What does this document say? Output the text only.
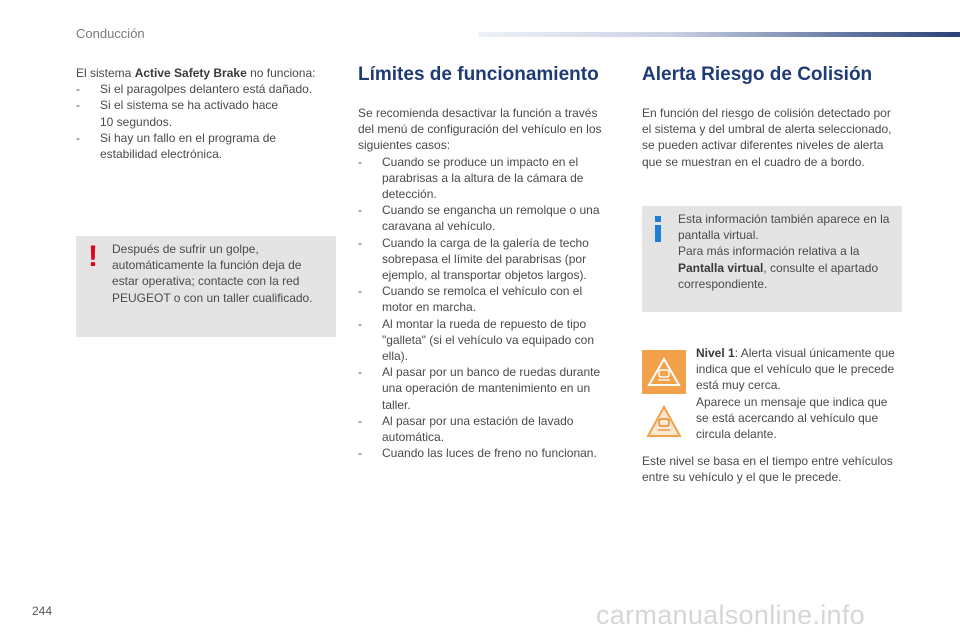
Conducción
El sistema Active Safety Brake no funciona:
-	Si el paragolpes delantero está dañado.
-	Si el sistema se ha activado hace
10 segundos.
-	Si hay un fallo en el programa de
estabilidad electrónica.
! Después de sufrir un golpe,
automáticamente la función deja de
estar operativa; contacte con la red
PEUGEOT o con un taller cualificado.
Límites de funcionamiento
Se recomienda desactivar la función a través
del menú de configuración del vehículo en los
siguientes casos:
-	Cuando se produce un impacto en el
parabrisas a la altura de la cámara de
detección.
-	Cuando se engancha un remolque o una
caravana al vehículo.
-	Cuando la carga de la galería de techo
sobrepasa el límite del parabrisas (por
ejemplo, al transportar objetos largos).
-	Cuando se remolca el vehículo con el
motor en marcha.
-	Al montar la rueda de repuesto de tipo
"galleta" (si el vehículo va equipado con
ella).
-	Al pasar por un banco de ruedas durante
una operación de mantenimiento en un
taller.
-	Al pasar por una estación de lavado
automática.
-	Cuando las luces de freno no funcionan.
Alerta Riesgo de Colisión
En función del riesgo de colisión detectado por
el sistema y del umbral de alerta seleccionado,
se pueden activar diferentes niveles de alerta
que se muestran en el cuadro de a bordo.
Esta información también aparece en la
pantalla virtual.
Para más información relativa a la
Pantalla virtual, consulte el apartado
correspondiente.
Nivel 1: Alerta visual únicamente que
indica que el vehículo que le precede
está muy cerca.
Aparece un mensaje que indica que
se está acercando al vehículo que
circula delante.
Este nivel se basa en el tiempo entre vehículos
entre su vehículo y el que le precede.
244	carmanualsonline.info
